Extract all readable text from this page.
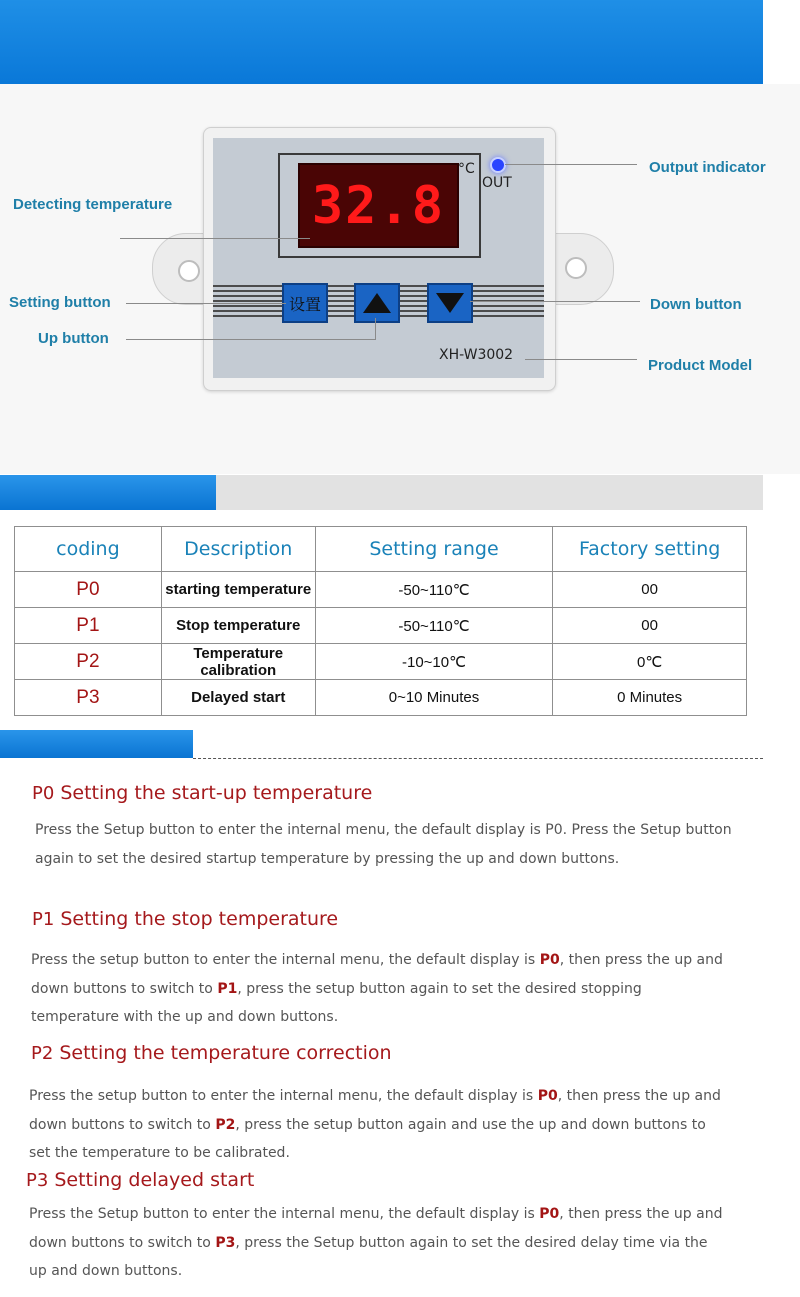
32.8
°C
OUT
设置
XH-W3002
Output indicator
Detecting temperature
Setting button	Down button
Up button
Product Model
coding	Description	Setting range	Factory setting
P0	starting temperature	-50~110℃	00
P1	Stop temperature	-50~110℃	00
P2	Temperature calibration	-10~10℃	0℃
P3	Delayed start	0~10 Minutes	0 Minutes
P0 Setting the start-up temperature
Press the Setup button to enter the internal menu, the default display is P0. Press the Setup button again to set the desired startup temperature by pressing the up and down buttons.
P1 Setting the stop temperature
Press the setup button to enter the internal menu, the default display is P0, then press the up and down buttons to switch to P1, press the setup button again to set the desired stopping temperature with the up and down buttons.
P2 Setting the temperature correction
Press the setup button to enter the internal menu, the default display is P0, then press the up and down buttons to switch to P2, press the setup button again and use the up and down buttons to set the temperature to be calibrated.
P3 Setting delayed start
Press the Setup button to enter the internal menu, the default display is P0, then press the up and down buttons to switch to P3, press the Setup button again to set the desired delay time via the up and down buttons.
